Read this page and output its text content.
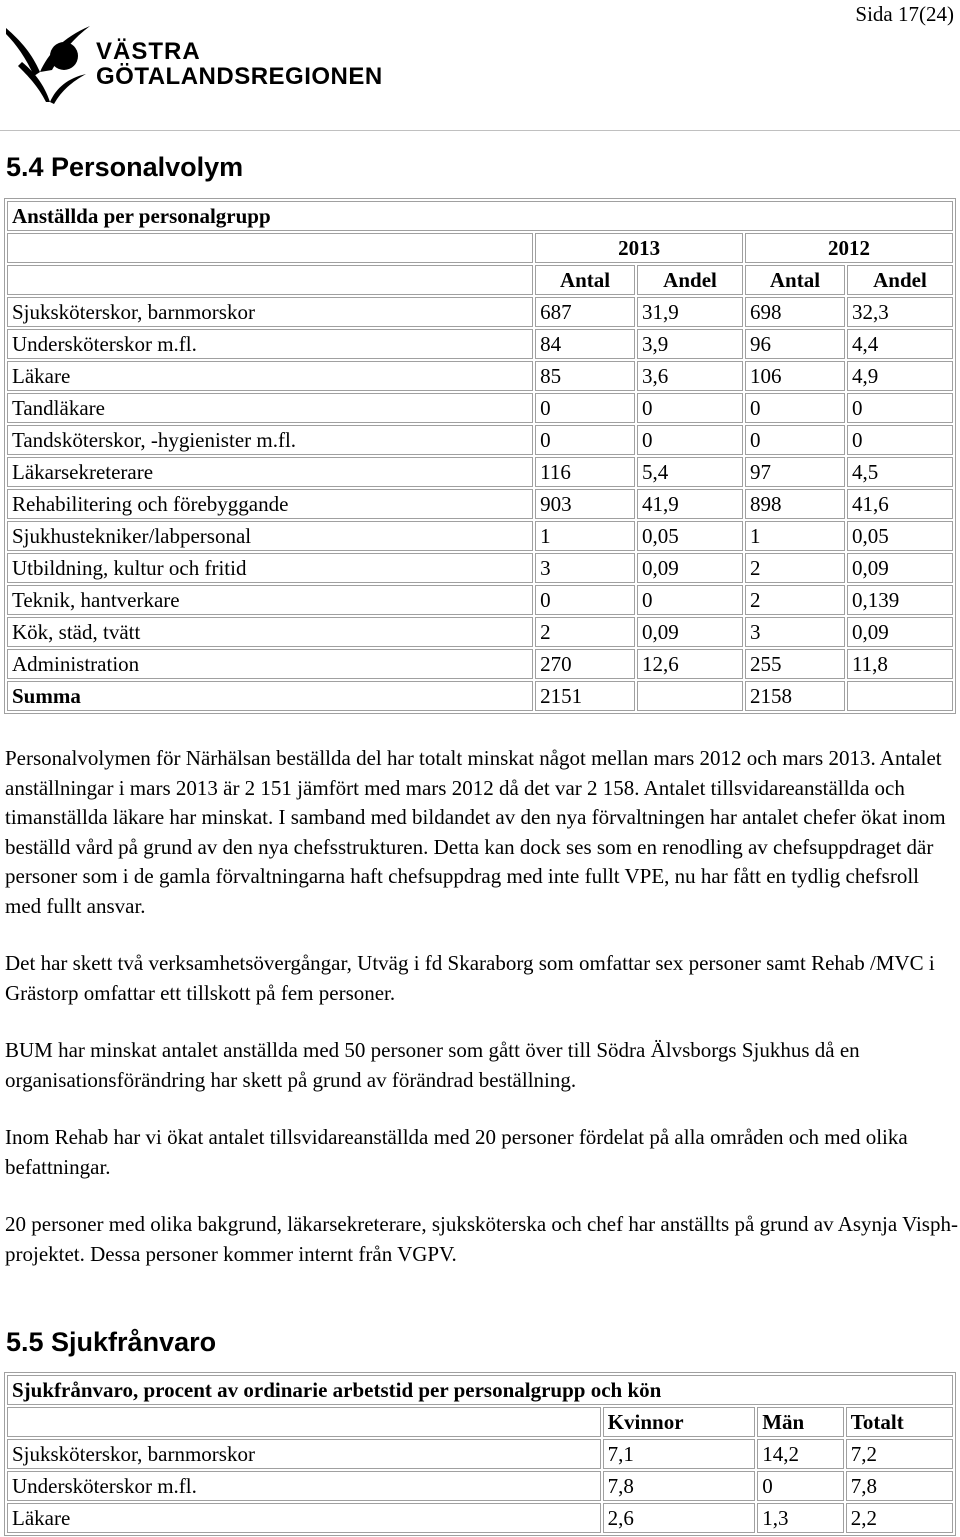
Sida 17(24)
VÄSTRA
GÖTALANDSREGIONEN
5.4 Personalvolym
Anställda per personalgrupp				
	2013		2012	
	Antal	Andel	Antal	Andel
Sjuksköterskor, barnmorskor	687	31,9	698	32,3
Undersköterskor m.fl.	84	3,9	96	4,4
Läkare	85	3,6	106	4,9
Tandläkare	0	0	0	0
Tandsköterskor, -hygienister m.fl.	0	0	0	0
Läkarsekreterare	116	5,4	97	4,5
Rehabilitering och förebyggande	903	41,9	898	41,6
Sjukhustekniker/labpersonal	1	0,05	1	0,05
Utbildning, kultur och fritid	3	0,09	2	0,09
Teknik, hantverkare	0	0	2	0,139
Kök, städ, tvätt	2	0,09	3	0,09
Administration	270	12,6	255	11,8
Summa	2151		2158	

Personalvolymen för Närhälsan beställda del har totalt minskat något mellan mars 2012 och mars 2013. Antalet anställningar i mars 2013 är 2 151 jämfört med mars 2012 då det var 2 158. Antalet tillsvidareanställda och timanställda läkare har minskat. I samband med bildandet av den nya förvaltningen har antalet chefer ökat inom beställd vård på grund av den nya chefsstrukturen. Detta kan dock ses som en renodling av chefsuppdraget där personer som i de gamla förvaltningarna haft chefsuppdrag med inte fullt VPE, nu har fått en tydlig chefsroll med fullt ansvar.

Det har skett två verksamhetsövergångar, Utväg i fd Skaraborg som omfattar sex personer samt Rehab /MVC i Grästorp omfattar ett tillskott på fem personer.

BUM har minskat antalet anställda med 50 personer som gått över till Södra Älvsborgs Sjukhus då en organisationsförändring har skett på grund av förändrad beställning.

Inom Rehab har vi ökat antalet tillsvidareanställda med 20 personer fördelat på alla områden och med olika befattningar.

20 personer med olika bakgrund, läkarsekreterare, sjuksköterska och chef har anställts på grund av Asynja Visph-projektet. Dessa personer kommer internt från VGPV.

5.5 Sjukfrånvaro
Sjukfrånvaro, procent av ordinarie arbetstid per personalgrupp och kön			
	Kvinnor	Män	Totalt
Sjuksköterskor, barnmorskor	7,1	14,2	7,2
Undersköterskor m.fl.	7,8	0	7,8
Läkare	2,6	1,3	2,2
